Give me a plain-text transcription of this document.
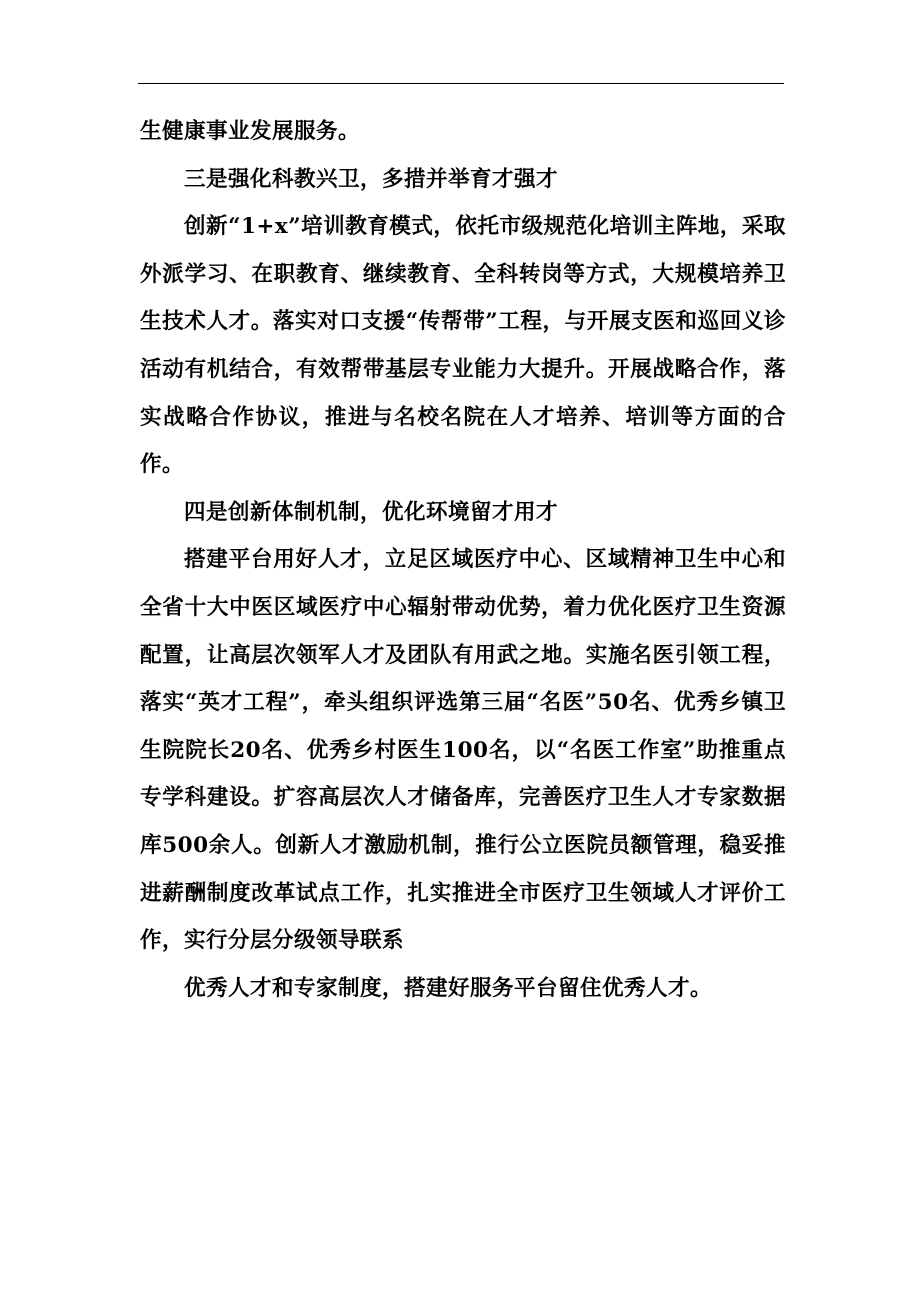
生健康事业发展服务。

三是强化科教兴卫，多措并举育才强才

创新“1+x”培训教育模式，依托市级规范化培训主阵地，采取外派学习、在职教育、继续教育、全科转岗等方式，大规模培养卫生技术人才。落实对口支援“传帮带”工程，与开展支医和巡回义诊活动有机结合，有效帮带基层专业能力大提升。开展战略合作，落实战略合作协议，推进与名校名院在人才培养、培训等方面的合作。

四是创新体制机制，优化环境留才用才

搭建平台用好人才，立足区域医疗中心、区域精神卫生中心和全省十大中医区域医疗中心辐射带动优势，着力优化医疗卫生资源配置，让高层次领军人才及团队有用武之地。实施名医引领工程，落实“英才工程”，牵头组织评选第三届“名医”50名、优秀乡镇卫生院院长20名、优秀乡村医生100名，以“名医工作室”助推重点专学科建设。扩容高层次人才储备库，完善医疗卫生人才专家数据库500余人。创新人才激励机制，推行公立医院员额管理，稳妥推进薪酬制度改革试点工作，扎实推进全市医疗卫生领域人才评价工作，实行分层分级领导联系

优秀人才和专家制度，搭建好服务平台留住优秀人才。
